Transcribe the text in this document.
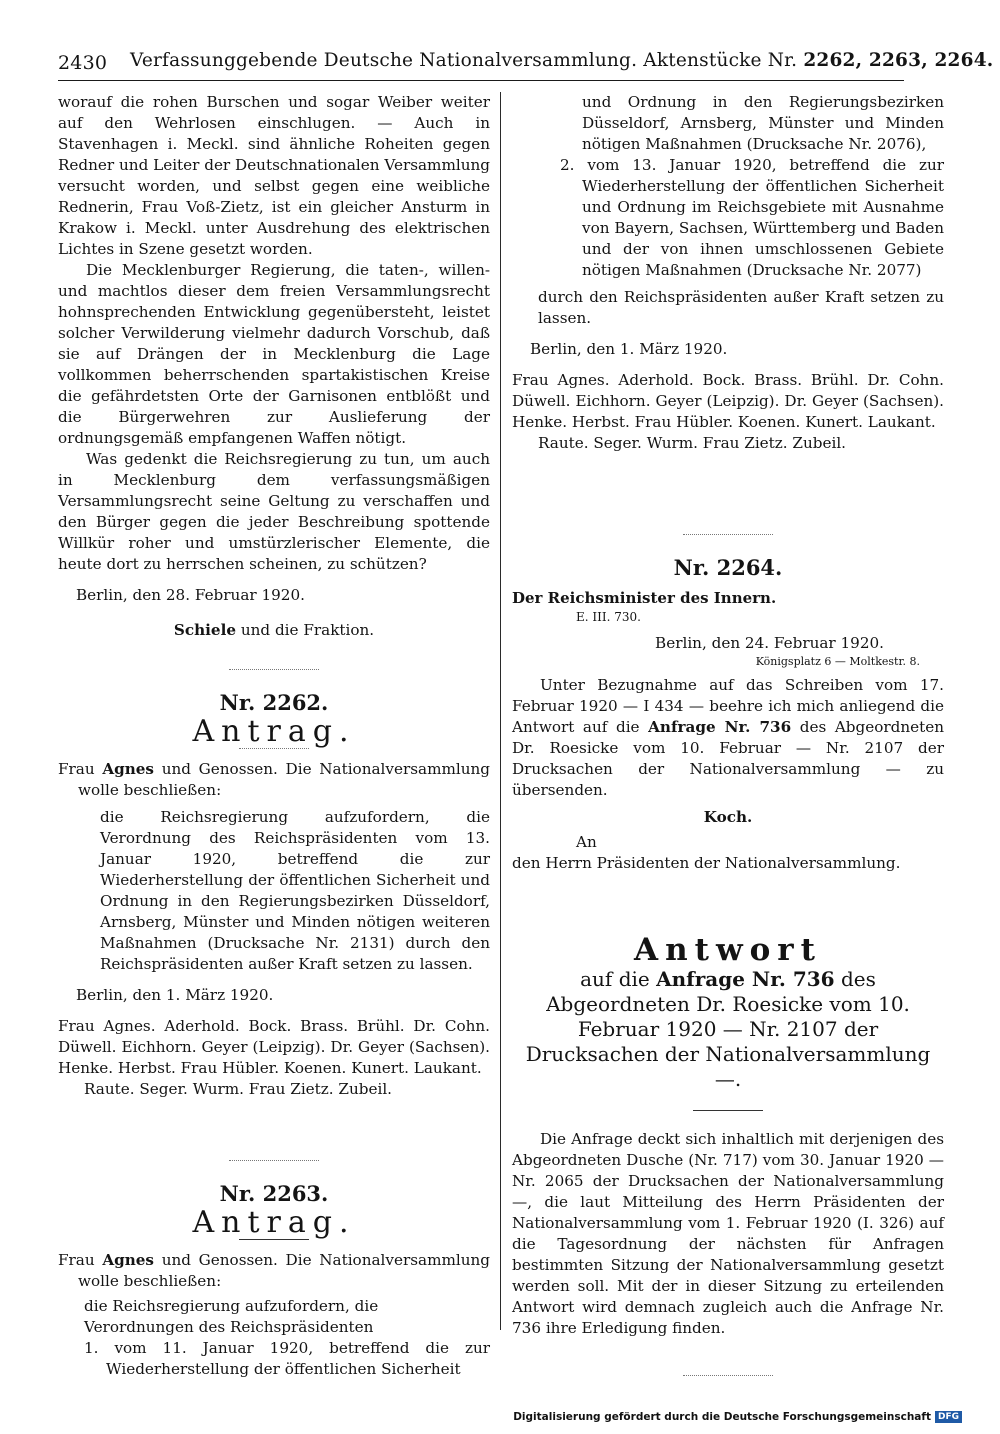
2430 Verfassunggebende Deutsche Nationalversammlung. Aktenstücke Nr. 2262, 2263, 2264.

worauf die rohen Burschen und sogar Weiber weiter auf den Wehrlosen einschlugen. — Auch in Stavenhagen i. Meckl. sind ähnliche Roheiten gegen Redner und Leiter der Deutschnationalen Versammlung versucht worden, und selbst gegen eine weibliche Rednerin, Frau Voß-Zietz, ist ein gleicher Ansturm in Krakow i. Meckl. unter Ausdrehung des elektrischen Lichtes in Szene gesetzt worden.

Die Mecklenburger Regierung, die taten-, willen- und machtlos dieser dem freien Versammlungsrecht hohnsprechenden Entwicklung gegenübersteht, leistet solcher Verwilderung vielmehr dadurch Vorschub, daß sie auf Drängen der in Mecklenburg die Lage vollkommen beherrschenden spartakistischen Kreise die gefährdetsten Orte der Garnisonen entblößt und die Bürgerwehren zur Auslieferung der ordnungsgemäß empfangenen Waffen nötigt.

Was gedenkt die Reichsregierung zu tun, um auch in Mecklenburg dem verfassungsmäßigen Versammlungsrecht seine Geltung zu verschaffen und den Bürger gegen die jeder Beschreibung spottende Willkür roher und umstürzlerischer Elemente, die heute dort zu herrschen scheinen, zu schützen?

Berlin, den 28. Februar 1920.

Schiele und die Fraktion.

Nr. 2262.
Antrag.

Frau Agnes und Genossen. Die Nationalversammlung wolle beschließen:

die Reichsregierung aufzufordern, die Verordnung des Reichspräsidenten vom 13. Januar 1920, betreffend die zur Wiederherstellung der öffentlichen Sicherheit und Ordnung in den Regierungsbezirken Düsseldorf, Arnsberg, Münster und Minden nötigen weiteren Maßnahmen (Drucksache Nr. 2131) durch den Reichspräsidenten außer Kraft setzen zu lassen.

Berlin, den 1. März 1920.

Frau Agnes. Aderhold. Bock. Brass. Brühl. Dr. Cohn. Düwell. Eichhorn. Geyer (Leipzig). Dr. Geyer (Sachsen). Henke. Herbst. Frau Hübler. Koenen. Kunert. Laukant.
Raute. Seger. Wurm. Frau Zietz. Zubeil.

Nr. 2263.
Antrag.

Frau Agnes und Genossen. Die Nationalversammlung wolle beschließen:

die Reichsregierung aufzufordern, die Verordnungen des Reichspräsidenten

1. vom 11. Januar 1920, betreffend die zur Wiederherstellung der öffentlichen Sicherheit

und Ordnung in den Regierungsbezirken Düsseldorf, Arnsberg, Münster und Minden nötigen Maßnahmen (Drucksache Nr. 2076),

2. vom 13. Januar 1920, betreffend die zur Wiederherstellung der öffentlichen Sicherheit und Ordnung im Reichsgebiete mit Ausnahme von Bayern, Sachsen, Württemberg und Baden und der von ihnen umschlossenen Gebiete nötigen Maßnahmen (Drucksache Nr. 2077)

durch den Reichspräsidenten außer Kraft setzen zu lassen.

Berlin, den 1. März 1920.

Frau Agnes. Aderhold. Bock. Brass. Brühl. Dr. Cohn. Düwell. Eichhorn. Geyer (Leipzig). Dr. Geyer (Sachsen). Henke. Herbst. Frau Hübler. Koenen. Kunert. Laukant.
Raute. Seger. Wurm. Frau Zietz. Zubeil.

Nr. 2264.

Der Reichsminister des Innern.

E. III. 730.

Berlin, den 24. Februar 1920.

Königsplatz 6 — Moltkestr. 8.

Unter Bezugnahme auf das Schreiben vom 17. Februar 1920 — I 434 — beehre ich mich anliegend die Antwort auf die Anfrage Nr. 736 des Abgeordneten Dr. Roesicke vom 10. Februar — Nr. 2107 der Drucksachen der Nationalversammlung — zu übersenden.

Koch.

An

den Herrn Präsidenten der Nationalversammlung.

Antwort

auf die Anfrage Nr. 736 des Abgeordneten Dr. Roesicke vom 10. Februar 1920 — Nr. 2107 der Drucksachen der Nationalversammlung —.

Die Anfrage deckt sich inhaltlich mit derjenigen des Abgeordneten Dusche (Nr. 717) vom 30. Januar 1920 — Nr. 2065 der Drucksachen der Nationalversammlung —, die laut Mitteilung des Herrn Präsidenten der Nationalversammlung vom 1. Februar 1920 (I. 326) auf die Tagesordnung der nächsten für Anfragen bestimmten Sitzung der Nationalversammlung gesetzt werden soll. Mit der in dieser Sitzung zu erteilenden Antwort wird demnach zugleich auch die Anfrage Nr. 736 ihre Erledigung finden.

Digitalisierung gefördert durch die Deutsche Forschungsgemeinschaft DFG
